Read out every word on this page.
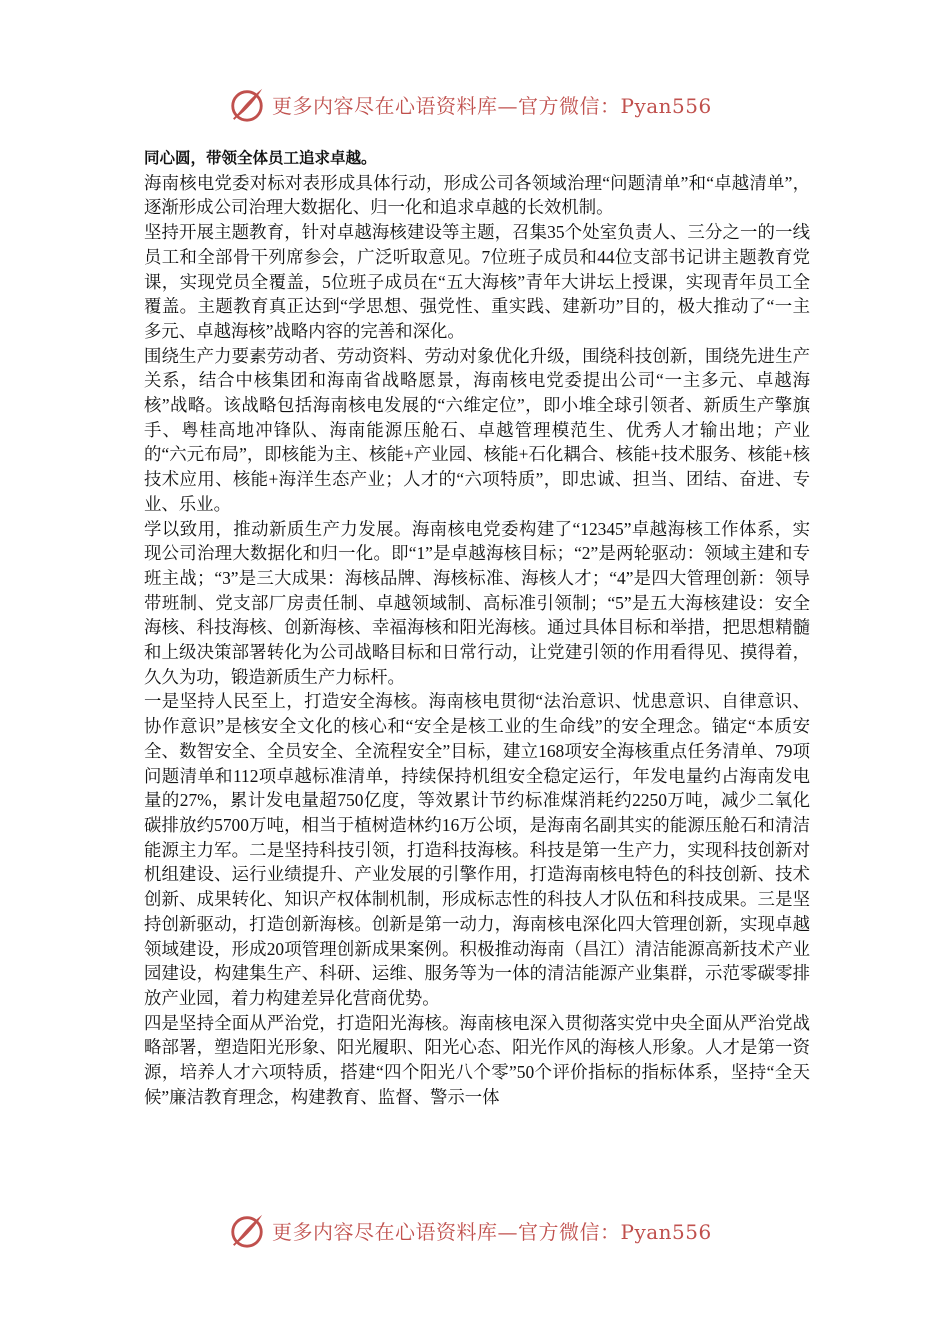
更多内容尽在心语资料库—官方微信：Pyan556

同心圆，带领全体员工追求卓越。

海南核电党委对标对表形成具体行动，形成公司各领域治理“问题清单”和“卓越清单”，逐渐形成公司治理大数据化、归一化和追求卓越的长效机制。

坚持开展主题教育，针对卓越海核建设等主题，召集35个处室负责人、三分之一的一线员工和全部骨干列席参会，广泛听取意见。7位班子成员和44位支部书记讲主题教育党课，实现党员全覆盖，5位班子成员在“五大海核”青年大讲坛上授课，实现青年员工全覆盖。主题教育真正达到“学思想、强党性、重实践、建新功”目的，极大推动了“一主多元、卓越海核”战略内容的完善和深化。

围绕生产力要素劳动者、劳动资料、劳动对象优化升级，围绕科技创新，围绕先进生产关系，结合中核集团和海南省战略愿景，海南核电党委提出公司“一主多元、卓越海核”战略。该战略包括海南核电发展的“六维定位”，即小堆全球引领者、新质生产擎旗手、粤桂高地冲锋队、海南能源压舱石、卓越管理模范生、优秀人才输出地；产业的“六元布局”，即核能为主、核能+产业园、核能+石化耦合、核能+技术服务、核能+核技术应用、核能+海洋生态产业；人才的“六项特质”，即忠诚、担当、团结、奋进、专业、乐业。

学以致用，推动新质生产力发展。海南核电党委构建了“12345”卓越海核工作体系，实现公司治理大数据化和归一化。即“1”是卓越海核目标；“2”是两轮驱动：领域主建和专班主战；“3”是三大成果：海核品牌、海核标准、海核人才；“4”是四大管理创新：领导带班制、党支部厂房责任制、卓越领域制、高标准引领制；“5”是五大海核建设：安全海核、科技海核、创新海核、幸福海核和阳光海核。通过具体目标和举措，把思想精髓和上级决策部署转化为公司战略目标和日常行动，让党建引领的作用看得见、摸得着，久久为功，锻造新质生产力标杆。

一是坚持人民至上，打造安全海核。海南核电贯彻“法治意识、忧患意识、自律意识、协作意识”是核安全文化的核心和“安全是核工业的生命线”的安全理念。锚定“本质安全、数智安全、全员安全、全流程安全”目标，建立168项安全海核重点任务清单、79项问题清单和112项卓越标准清单，持续保持机组安全稳定运行，年发电量约占海南发电量的27%，累计发电量超750亿度，等效累计节约标准煤消耗约2250万吨，减少二氧化碳排放约5700万吨，相当于植树造林约16万公顷，是海南名副其实的能源压舱石和清洁能源主力军。二是坚持科技引领，打造科技海核。科技是第一生产力，实现科技创新对机组建设、运行业绩提升、产业发展的引擎作用，打造海南核电特色的科技创新、技术创新、成果转化、知识产权体制机制，形成标志性的科技人才队伍和科技成果。三是坚持创新驱动，打造创新海核。创新是第一动力，海南核电深化四大管理创新，实现卓越领域建设，形成20项管理创新成果案例。积极推动海南（昌江）清洁能源高新技术产业园建设，构建集生产、科研、运维、服务等为一体的清洁能源产业集群，示范零碳零排放产业园，着力构建差异化营商优势。

四是坚持全面从严治党，打造阳光海核。海南核电深入贯彻落实党中央全面从严治党战略部署，塑造阳光形象、阳光履职、阳光心态、阳光作风的海核人形象。人才是第一资源，培养人才六项特质，搭建“四个阳光八个零”50个评价指标的指标体系，坚持“全天候”廉洁教育理念，构建教育、监督、警示一体

更多内容尽在心语资料库—官方微信：Pyan556
